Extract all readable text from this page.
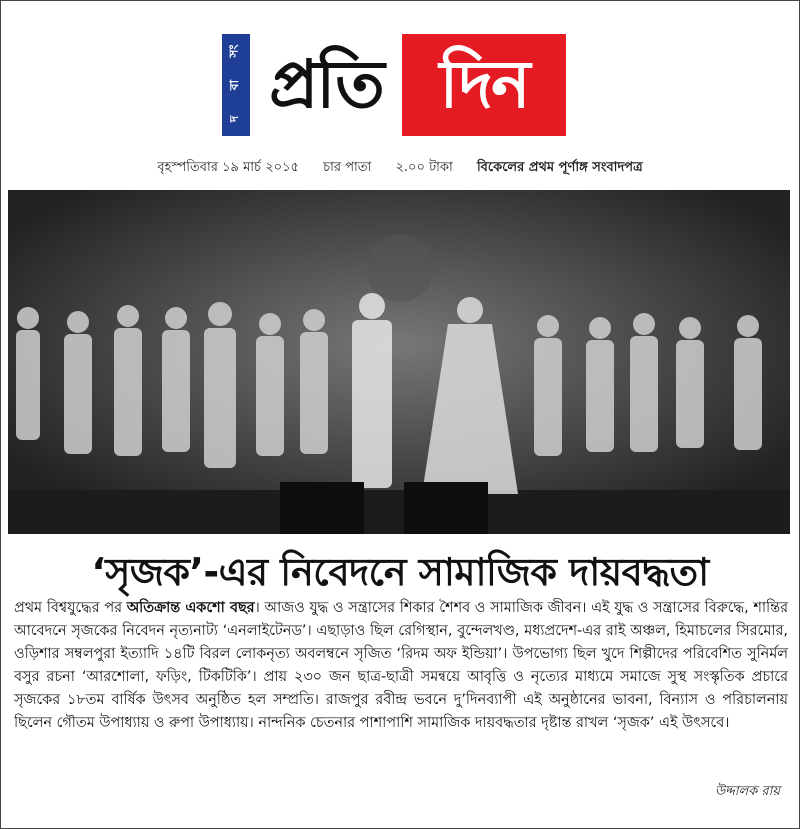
সং
বা
দ প্রতি দিন
বৃহস্পতিবার ১৯ মার্চ ২০১৫ চার পাতা ২.০০ টাকা বিকেলের প্রথম পূর্ণাঙ্গ সংবাদপত্র
‘সৃজক’-এর নিবেদনে সামাজিক দায়বদ্ধতা

প্রথম বিশ্বযুদ্ধের পর অতিক্রান্ত একশো বছর। আজও যুদ্ধ ও সন্ত্রাসের শিকার শৈশব ও সামাজিক জীবন। এই যুদ্ধ ও সন্ত্রাসের বিরুদ্ধে, শান্তির আবেদনে সৃজকের নিবেদন নৃত্যনাট্য ‘এনলাইটেনড’। এছাড়াও ছিল রেগিস্থান, বুন্দেলখণ্ড, মধ্যপ্রদেশ-এর রাই অঞ্চল, হিমাচলের সিরমোর, ওড়িশার সম্বলপুরা ইত্যাদি ১৪টি বিরল লোকনৃত্য অবলম্বনে সৃজিত ‘রিদম অফ ইন্ডিয়া’। উপভোগ্য ছিল খুদে শিল্পীদের পরিবেশিত সুনির্মল বসুর রচনা ‘আরশোলা, ফড়িং, টিকটিকি’। প্রায় ২৩০ জন ছাত্র-ছাত্রী সমন্বয়ে আবৃত্তি ও নৃত্যের মাধ্যমে সমাজে সুস্থ সংস্কৃতিক প্রচারে সৃজকের ১৮তম বার্ষিক উৎসব অনুষ্ঠিত হল সম্প্রতি। রাজপুর রবীন্দ্র ভবনে দু’দিনব্যাপী এই অনুষ্ঠানের ভাবনা, বিন্যাস ও পরিচালনায় ছিলেন গৌতম উপাধ্যায় ও রুপা উপাধ্যায়। নান্দনিক চেতনার পাশাপাশি সামাজিক দায়বদ্ধতার দৃষ্টান্ত রাখল ‘সৃজক’ এই উৎসবে।

উদ্দালক রায়
